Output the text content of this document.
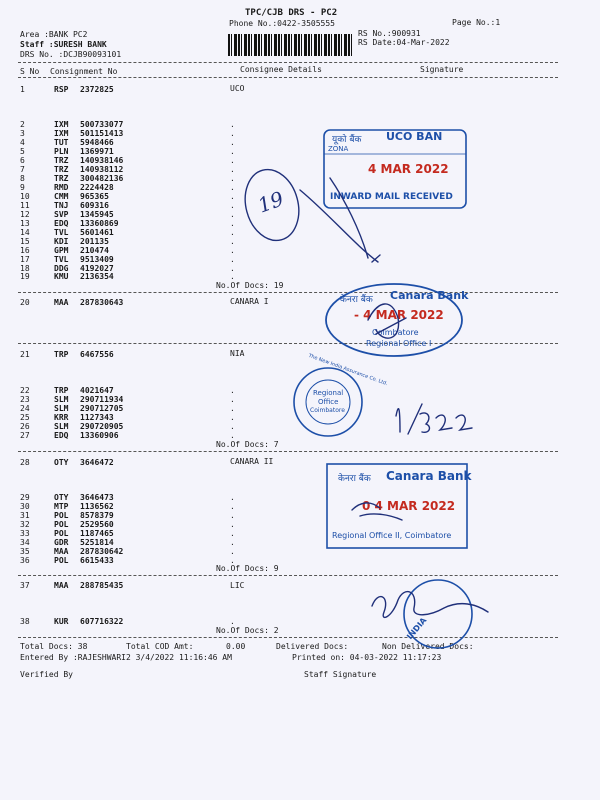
TPC/CJB DRS - PC2
Phone No.:0422-3505555	Page No.:1
Area :BANK PC2
Staff :SURESH BANK
DRS No. :DCJB90093101
RS No.:900931
RS Date:04-Mar-2022
S No Consignment No	Consignee Details	Signature
UCO
1	RSP 2372825
2	IXM 500733077	.
3	IXM 501151413	.
4	TUT 5948466	.
5	PLN 1369971	.
6	TRZ 140938146	.
7	TRZ 140938112	.
8	TRZ 300482136	.
9	RMD 2224428	.
10	CMM 965365	.
11	TNJ 609316	.
12	SVP 1345945	.
13	EDQ 13360869	.
14	TVL 5601461	.
15	KDI 201135	.
16	GPM 210474	.
17	TVL 9513409	.
18	DDG 4192027	.
19	KMU 2136354	.
No.Of Docs: 19
CANARA I
20	MAA 287830643
NIA
21	TRP 6467556
22	TRP 4021647	.
23	SLM 290711934	.
24	SLM 290712705	.
25	KRR 1127343	.
26	SLM 290720905	.
27	EDQ 13360906	.
No.Of Docs: 7
CANARA II
28	OTY 3646472
29	OTY 3646473	.
30	MTP 1136562	.
31	POL 8578379	.
32	POL 2529560	.
33	POL 1187465	.
34	GDR 5251814	.
35	MAA 287830642	.
36	POL 6615433	.
No.Of Docs: 9
LIC
37	MAA 288785435
38	KUR 607716322	.
No.Of Docs: 2
Total Docs: 38	Total COD Amt:	0.00	Delivered Docs:	Non Delivered Docs:
Entered By :RAJESHWARI2 3/4/2022 11:16:46 AM	Printed on: 04-03-2022 11:17:23
Verified By	Staff Signature
यूको बैंक UCO BAN
ZONA
4 MAR 2022
INWARD MAIL RECEIVED
केनरा बैंक Canara Bank
- 4 MAR 2022
Coimbatore
Regional Office I
The New India Assurance Co. Ltd.
Regional
Office
Coimbatore
केनरा बैंक Canara Bank
0 4 MAR 2022
Regional Office II, Coimbatore
INDIA
19
